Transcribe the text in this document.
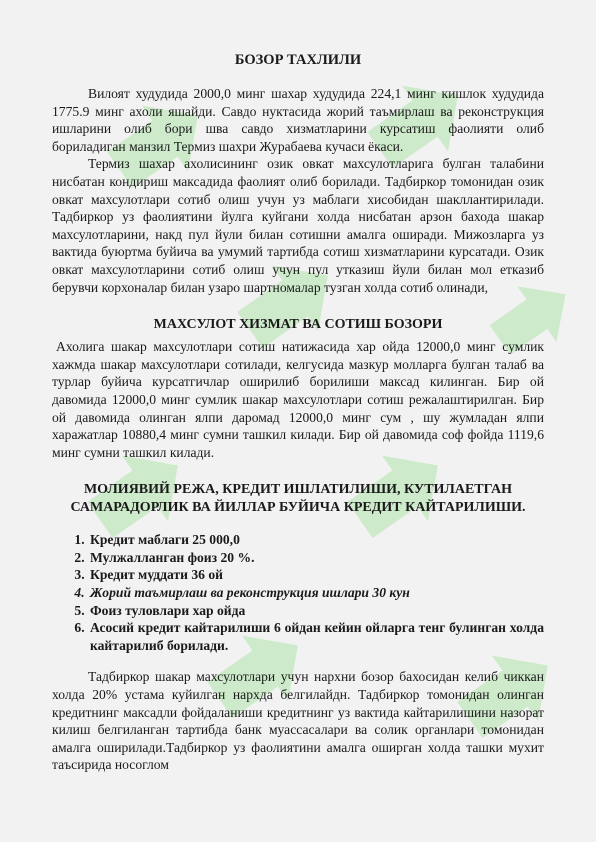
БОЗОР ТАХЛИЛИ

Вилоят худудида 2000,0 минг шахар худудида 224,1 минг кишлок худудида 1775.9 минг ахоли яшайди. Савдо нуктасида жорий таъмирлаш ва реконструкция ишларини олиб бори шва савдо хизматларини курсатиш фаолияти олиб бориладиган манзил Термиз шахри Журабаева кучаси ёкаси.

Термиз шахар ахолисининг озик овкат махсулотларига булган талабини нисбатан кондириш максадида фаолият олиб борилади. Тадбиркор томонидан озик овкат махсулотлари сотиб олиш учун уз маблаги хисобидан шакллантирилади. Тадбиркор уз фаолиятини йулга куйгани холда нисбатан арзон бахода шакар махсулотларини, накд пул йули билан сотишни амалга оширади. Мижозларга уз вактида буюртма буйича ва умумий тартибда сотиш хизматларини курсатади. Озик овкат махсулотларини сотиб олиш учун пул утказиш йули билан мол етказиб берувчи корхоналар билан узаро шартномалар тузган холда сотиб олинади,

МАХСУЛОТ ХИЗМАТ ВА СОТИШ БОЗОРИ

Ахолига шакар махсулотлари сотиш натижасида хар ойда 12000,0 минг сумлик хажмда шакар махсулотлари сотилади, келгусида мазкур молларга булган талаб ва турлар буйича курсатгичлар оширилиб борилиши максад килинган. Бир ой давомида 12000,0 минг сумлик шакар махсулотлари сотиш режалаштирилган. Бир ой давомида олинган ялпи даромад 12000,0 минг сум , шу жумладан ялпи харажатлар 10880,4 минг сумни ташкил килади. Бир ой давомида соф фойда 1119,6 минг сумни ташкил килади.

МОЛИЯВИЙ РЕЖА, КРЕДИТ ИШЛАТИЛИШИ, КУТИЛАЕТГАН САМАРАДОРЛИК ВА ЙИЛЛАР БУЙИЧА КРЕДИТ КАЙТАРИЛИШИ.
1. Кредит маблаги 25 000,0
2. Мулжалланган фоиз 20 %.
3. Кредит муддати 36 ой
4. Жорий таъмирлаш ва реконструкция ишлари 30 кун
5. Фоиз туловлари хар ойда
6. Асосий кредит кайтарилиши 6 ойдан кейин ойларга тенг булинган холда кайтарилиб борилади.

Тадбиркор шакар махсулотлари учун нархни бозор бахосидан келиб чиккан холда 20% устама куйилган нархда белгилайдн. Тадбиркор томонидан олинган кредитнинг максадли фойдаланиши кредитнинг уз вактида кайтарилишини назорат килиш белгиланган тартибда банк муассасалари ва солик органлари томонидан амалга оширилади.Тадбиркор уз фаолиятини амалга оширган холда ташки мухит таъсирида носоглом
